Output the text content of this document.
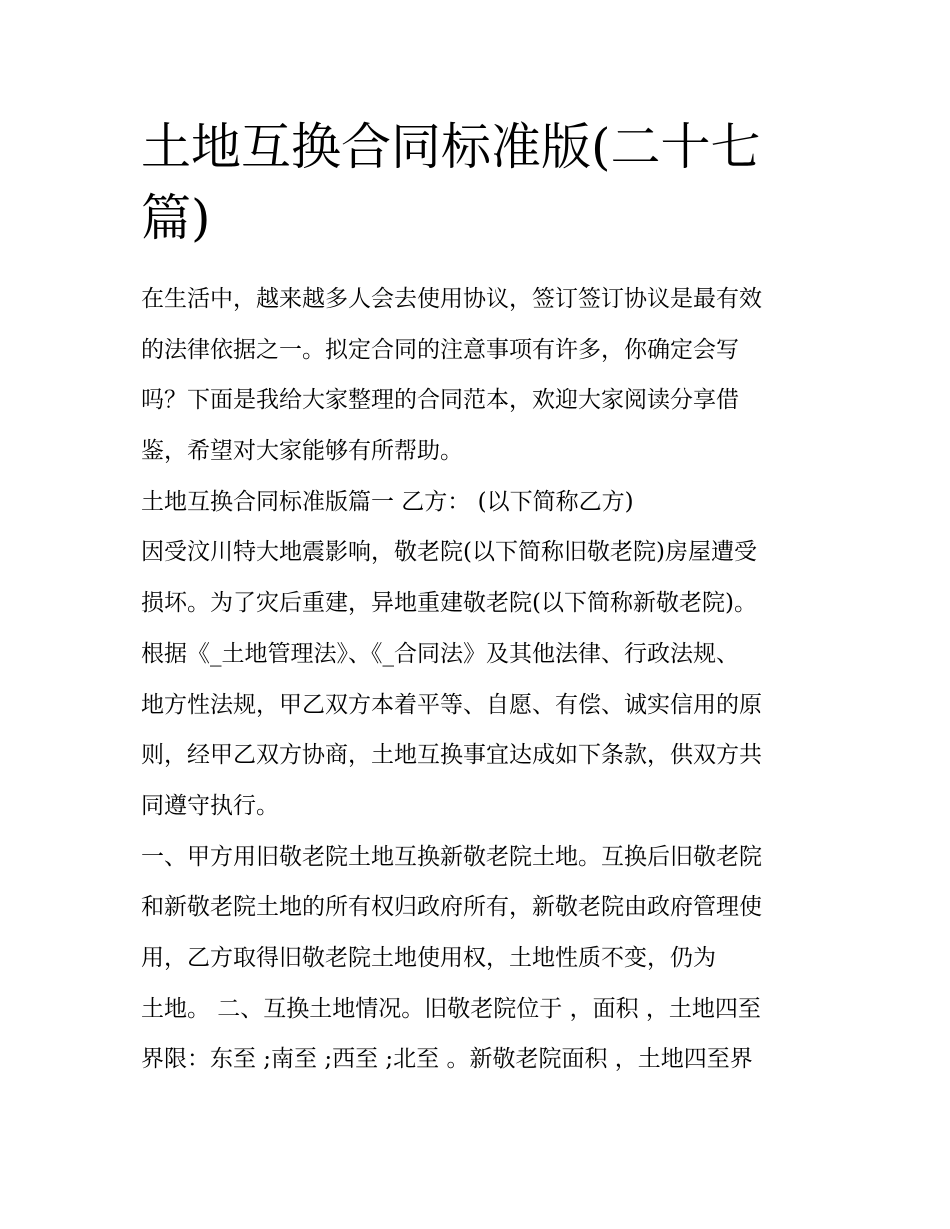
土地互换合同标准版(二十七
篇)
在生活中，越来越多人会去使用协议，签订签订协议是最有效
的法律依据之一。拟定合同的注意事项有许多，你确定会写
吗？下面是我给大家整理的合同范本，欢迎大家阅读分享借
鉴，希望对大家能够有所帮助。
土地互换合同标准版篇一 乙方： (以下简称乙方)
因受汶川特大地震影响，敬老院(以下简称旧敬老院)房屋遭受
损坏。为了灾后重建，异地重建敬老院(以下简称新敬老院)。
根据《_土地管理法》、《_合同法》及其他法律、行政法规、
地方性法规，甲乙双方本着平等、自愿、有偿、诚实信用的原
则，经甲乙双方协商，土地互换事宜达成如下条款，供双方共
同遵守执行。
一、甲方用旧敬老院土地互换新敬老院土地。互换后旧敬老院
和新敬老院土地的所有权归政府所有，新敬老院由政府管理使
用，乙方取得旧敬老院土地使用权，土地性质不变，仍为
土地。 二、互换土地情况。旧敬老院位于 ，面积 ，土地四至
界限：东至 ;南至 ;西至 ;北至 。新敬老院面积 ，土地四至界
